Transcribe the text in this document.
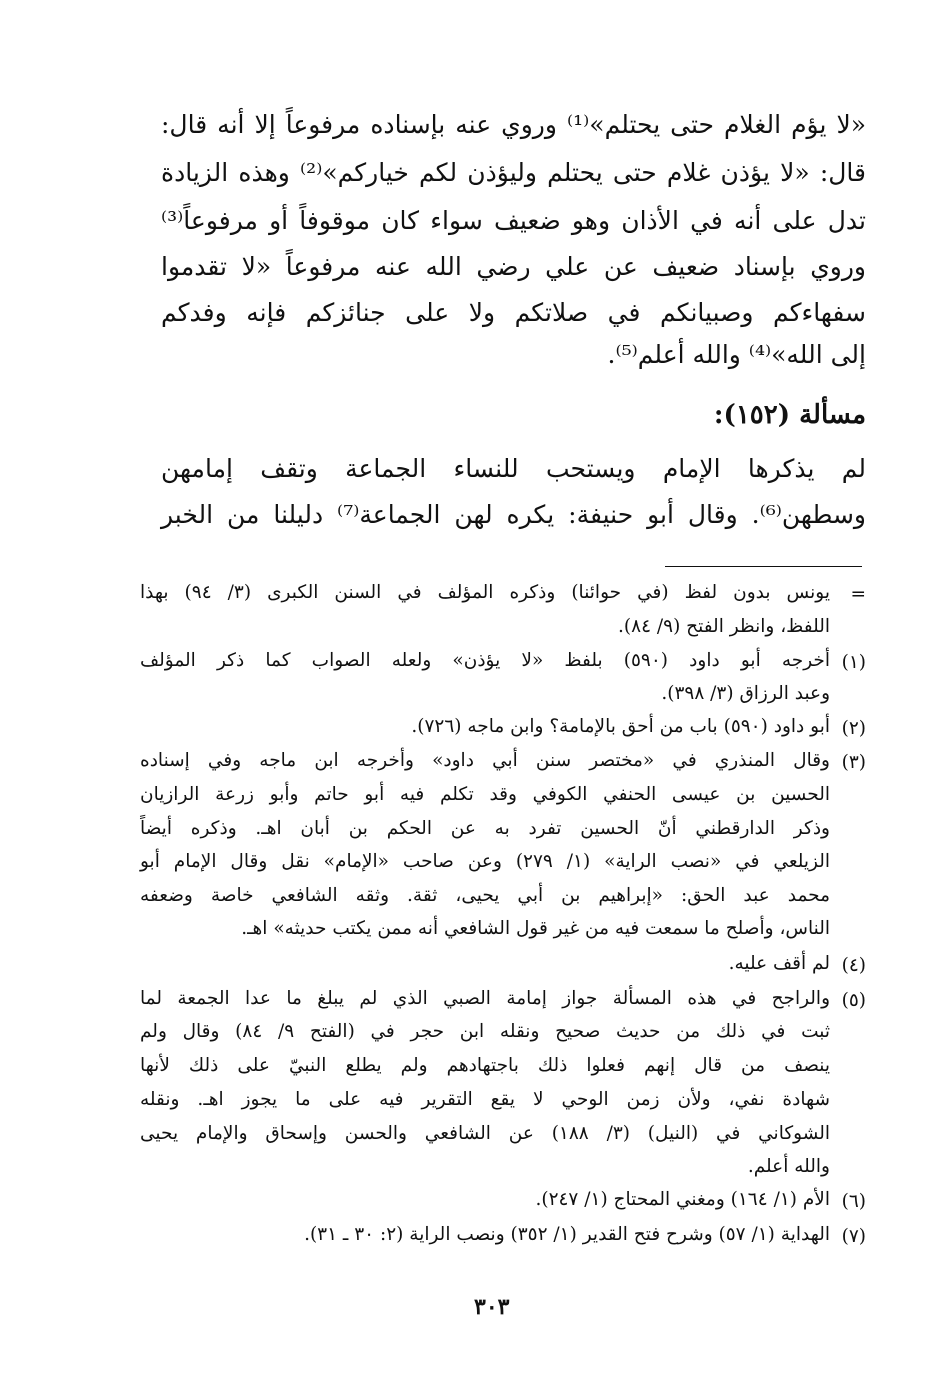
«لا يؤم الغلام حتى يحتلم»⁽¹⁾ وروي عنه بإسناده مرفوعاً إلا أنه قال:
قال: «لا يؤذن غلام حتى يحتلم وليؤذن لكم خياركم»⁽²⁾ وهذه الزيادة
تدل على أنه في الأذان وهو ضعيف سواء كان موقوفاً أو مرفوعاً⁽³⁾
وروي بإسناد ضعيف عن علي رضي الله عنه مرفوعاً «لا تقدموا
سفهاءكم وصبيانكم في صلاتكم ولا على جنائزكم فإنه وفدكم
إلى الله»⁽⁴⁾ والله أعلم⁽⁵⁾.
مسألة (١٥٢):
لم يذكرها الإمام ويستحب للنساء الجماعة وتقف إمامهن
وسطهن⁽⁶⁾. وقال أبو حنيفة: يكره لهن الجماعة⁽⁷⁾ دليلنا من الخبر
=
يونس بدون لفظ (في حوائنا) وذكره المؤلف في السنن الكبرى (٣/ ٩٤) بهذا
اللفظ، وانظر الفتح (٩/ ٨٤).
(١)
أخرجه أبو داود (٥٩٠) بلفظ «لا يؤذن» ولعله الصواب كما ذكر المؤلف
وعبد الرزاق (٣/ ٣٩٨).
(٢)
أبو داود (٥٩٠) باب من أحق بالإمامة؟ وابن ماجه (٧٢٦).
(٣)
وقال المنذري في «مختصر سنن أبي داود» وأخرجه ابن ماجه وفي إسناده
الحسين بن عيسى الحنفي الكوفي وقد تكلم فيه أبو حاتم وأبو زرعة الرازيان
وذكر الدارقطني أنّ الحسين تفرد به عن الحكم بن أبان اهـ. وذكره أيضاً
الزيلعي في «نصب الراية» (١/ ٢٧٩) وعن صاحب «الإمام» نقل وقال الإمام أبو
محمد عبد الحق: «إبراهيم بن أبي يحيى، ثقة. وثقه الشافعي خاصة وضعفه
الناس، وأصلح ما سمعت فيه من غير قول الشافعي أنه ممن يكتب حديثه» اهـ.
(٤)
لم أقف عليه.
(٥)
والراجح في هذه المسألة جواز إمامة الصبي الذي لم يبلغ ما عدا الجمعة لما
ثبت في ذلك من حديث صحيح ونقله ابن حجر في (الفتح ٩/ ٨٤) وقال ولم
ينصف من قال إنهم فعلوا ذلك باجتهادهم ولم يطلع النبيّ على ذلك لأنها
شهادة نفي، ولأن زمن الوحي لا يقع التقرير فيه على ما يجوز اهـ. ونقله
الشوكاني في (النيل) (٣/ ١٨٨) عن الشافعي والحسن وإسحاق والإمام يحيى
والله أعلم.
(٦)
الأم (١/ ١٦٤) ومغني المحتاج (١/ ٢٤٧).
(٧)
الهداية (١/ ٥٧) وشرح فتح القدير (١/ ٣٥٢) ونصب الراية (٢: ٣٠ ـ ٣١).
٣٠٣
